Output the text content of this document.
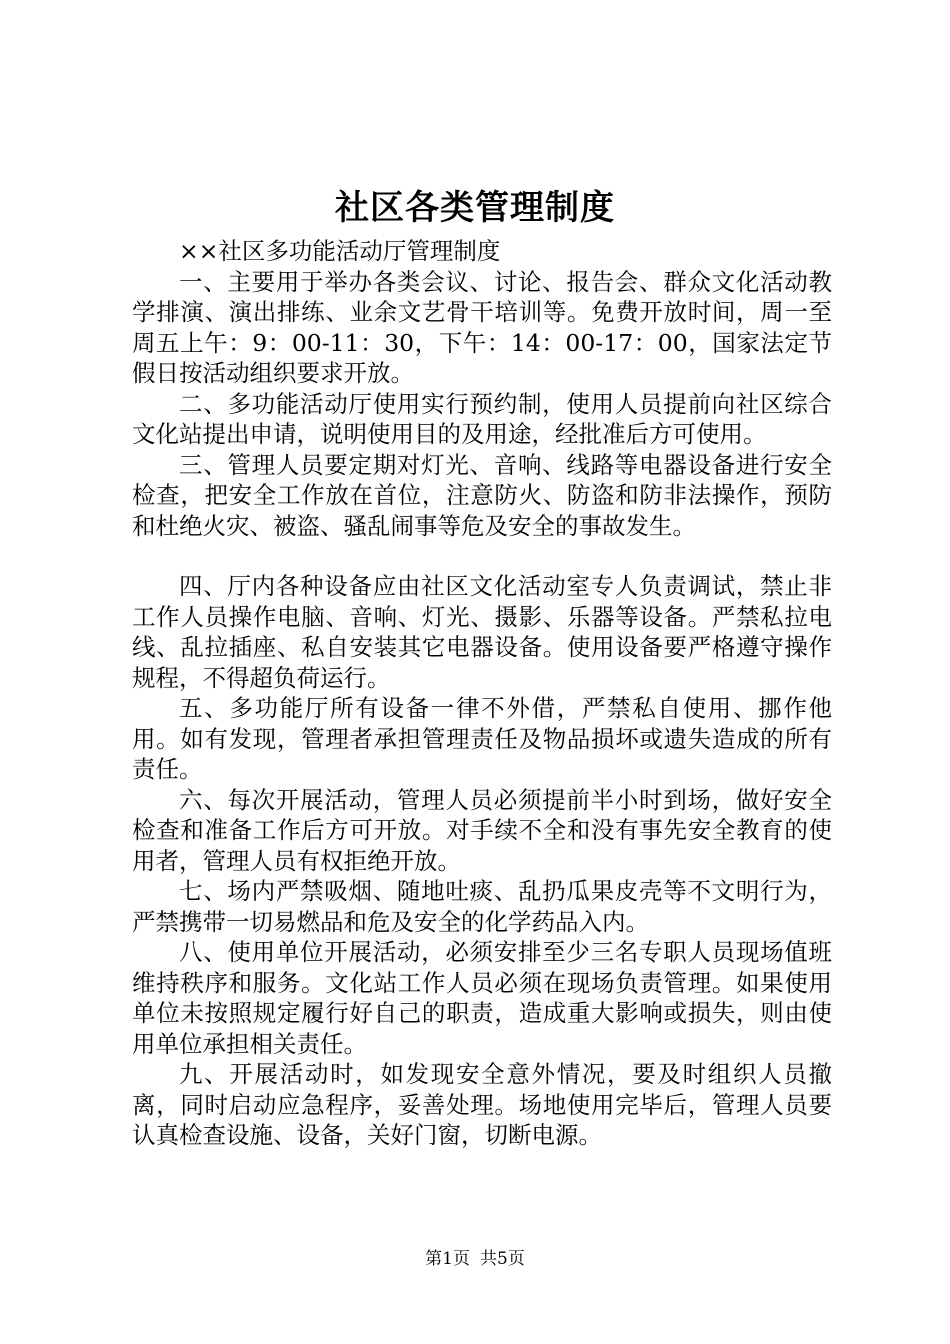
社区各类管理制度

××社区多功能活动厅管理制度

一、主要用于举办各类会议、讨论、报告会、群众文化活动教学排演、演出排练、业余文艺骨干培训等。免费开放时间，周一至周五上午：9：00-11：30，下午：14：00-17：00，国家法定节假日按活动组织要求开放。

二、多功能活动厅使用实行预约制，使用人员提前向社区综合文化站提出申请，说明使用目的及用途，经批准后方可使用。

三、管理人员要定期对灯光、音响、线路等电器设备进行安全检查，把安全工作放在首位，注意防火、防盗和防非法操作，预防和杜绝火灾、被盗、骚乱闹事等危及安全的事故发生。

四、厅内各种设备应由社区文化活动室专人负责调试，禁止非工作人员操作电脑、音响、灯光、摄影、乐器等设备。严禁私拉电线、乱拉插座、私自安装其它电器设备。使用设备要严格遵守操作规程，不得超负荷运行。

五、多功能厅所有设备一律不外借，严禁私自使用、挪作他用。如有发现，管理者承担管理责任及物品损坏或遗失造成的所有责任。

六、每次开展活动，管理人员必须提前半小时到场，做好安全检查和准备工作后方可开放。对手续不全和没有事先安全教育的使用者，管理人员有权拒绝开放。

七、场内严禁吸烟、随地吐痰、乱扔瓜果皮壳等不文明行为，严禁携带一切易燃品和危及安全的化学药品入内。

八、使用单位开展活动，必须安排至少三名专职人员现场值班维持秩序和服务。文化站工作人员必须在现场负责管理。如果使用单位未按照规定履行好自己的职责，造成重大影响或损失，则由使用单位承担相关责任。

九、开展活动时，如发现安全意外情况，要及时组织人员撤离，同时启动应急程序，妥善处理。场地使用完毕后，管理人员要认真检查设施、设备，关好门窗，切断电源。

第1页 共5页
